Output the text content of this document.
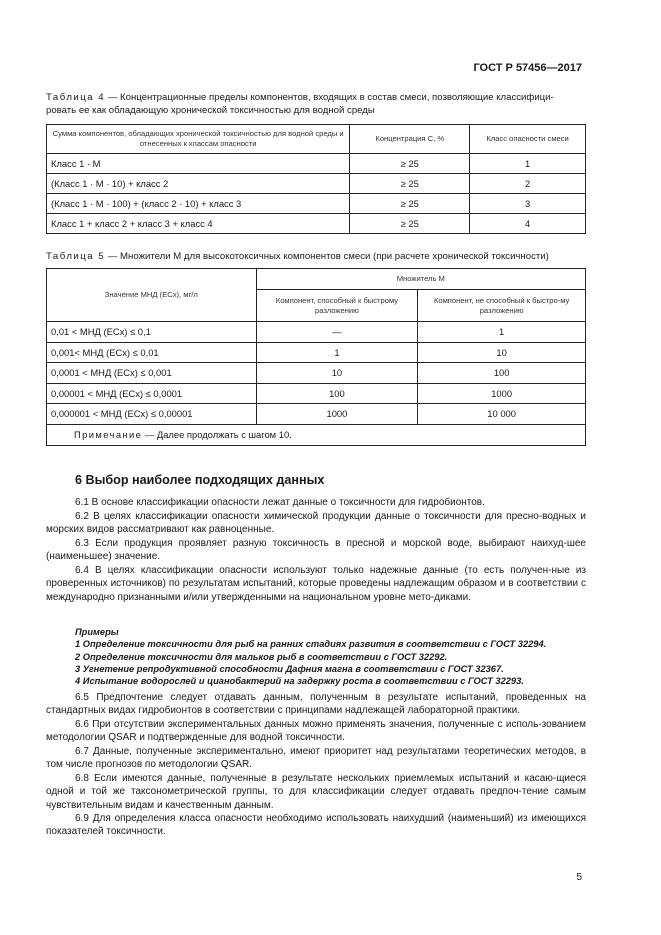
ГОСТ Р 57456—2017
Таблица 4 — Концентрационные пределы компонентов, входящих в состав смеси, позволяющие классифици-
ровать ее как обладающую хронической токсичностью для водной среды
Сумма компонентов, обладающих хронической токсичностью для водной среды и отнесенных к классам опасности	Концентрация C, %	Класс опасности смеси
Класс 1 · M	≥ 25	1
(Класс 1 · M · 10) + класс 2	≥ 25	2
(Класс 1 · M · 100) + (класс 2 · 10) + класс 3	≥ 25	3
Класс 1 + класс 2 + класс 3 + класс 4	≥ 25	4
Таблица 5 — Множители M для высокотоксичных компонентов смеси (при расчете хронической токсичности)
Значение МНД (ECx), мг/л	Множитель M	
	Компонент, способный к быстрому разложению	Компонент, не способный к быстро-му разложению
0,01 < МНД (ECx) ≤ 0,1	—	1
0,001< МНД (ECx) ≤ 0,01	1	10
0,0001 < МНД (ECx) ≤ 0,001	10	100
0,00001 < МНД (ECx) ≤ 0,0001	100	1000
0,000001 < МНД (ECx) ≤ 0,00001	1000	10 000
Примечание — Далее продолжать с шагом 10.		
6 Выбор наиболее подходящих данных
6.1 В основе классификации опасности лежат данные о токсичности для гидробионтов.
6.2 В целях классификации опасности химической продукции данные о токсичности для пресно-водных и морских видов рассматривают как равноценные.
6.3 Если продукция проявляет разную токсичность в пресной и морской воде, выбирают наихуд-шее (наименьшее) значение.
6.4 В целях классификации опасности используют только надежные данные (то есть получен-ные из проверенных источников) по результатам испытаний, которые проведены надлежащим образом и в соответствии с международно признанными и/или утвержденными на национальном уровне мето-диками.
Примеры
1 Определение токсичности для рыб на ранних стадиях развития в соответствии с ГОСТ 32294.
2 Определение токсичности для мальков рыб в соответствии с ГОСТ 32292.
3 Угнетение репродуктивной способности Дафния магна в соответствии с ГОСТ 32367.
4 Испытание водорослей и цианобактерий на задержку роста в соответствии с ГОСТ 32293.
6.5 Предпочтение следует отдавать данным, полученным в результате испытаний, проведенных на стандартных видах гидробионтов в соответствии с принципами надлежащей лабораторной практики.
6.6 При отсутствии экспериментальных данных можно применять значения, полученные с исполь-зованием методологии QSAR и подтвержденные для водной токсичности.
6.7 Данные, полученные экспериментально, имеют приоритет над результатами теоретических методов, в том числе прогнозов по методологии QSAR.
6.8 Если имеются данные, полученные в результате нескольких приемлемых испытаний и касаю-щиеся одной и той же таксонометрической группы, то для классификации следует отдавать предпоч-тение самым чувствительным видам и качественным данным.
6.9 Для определения класса опасности необходимо использовать наихудший (наименьший) из имеющихся показателей токсичности.
5
